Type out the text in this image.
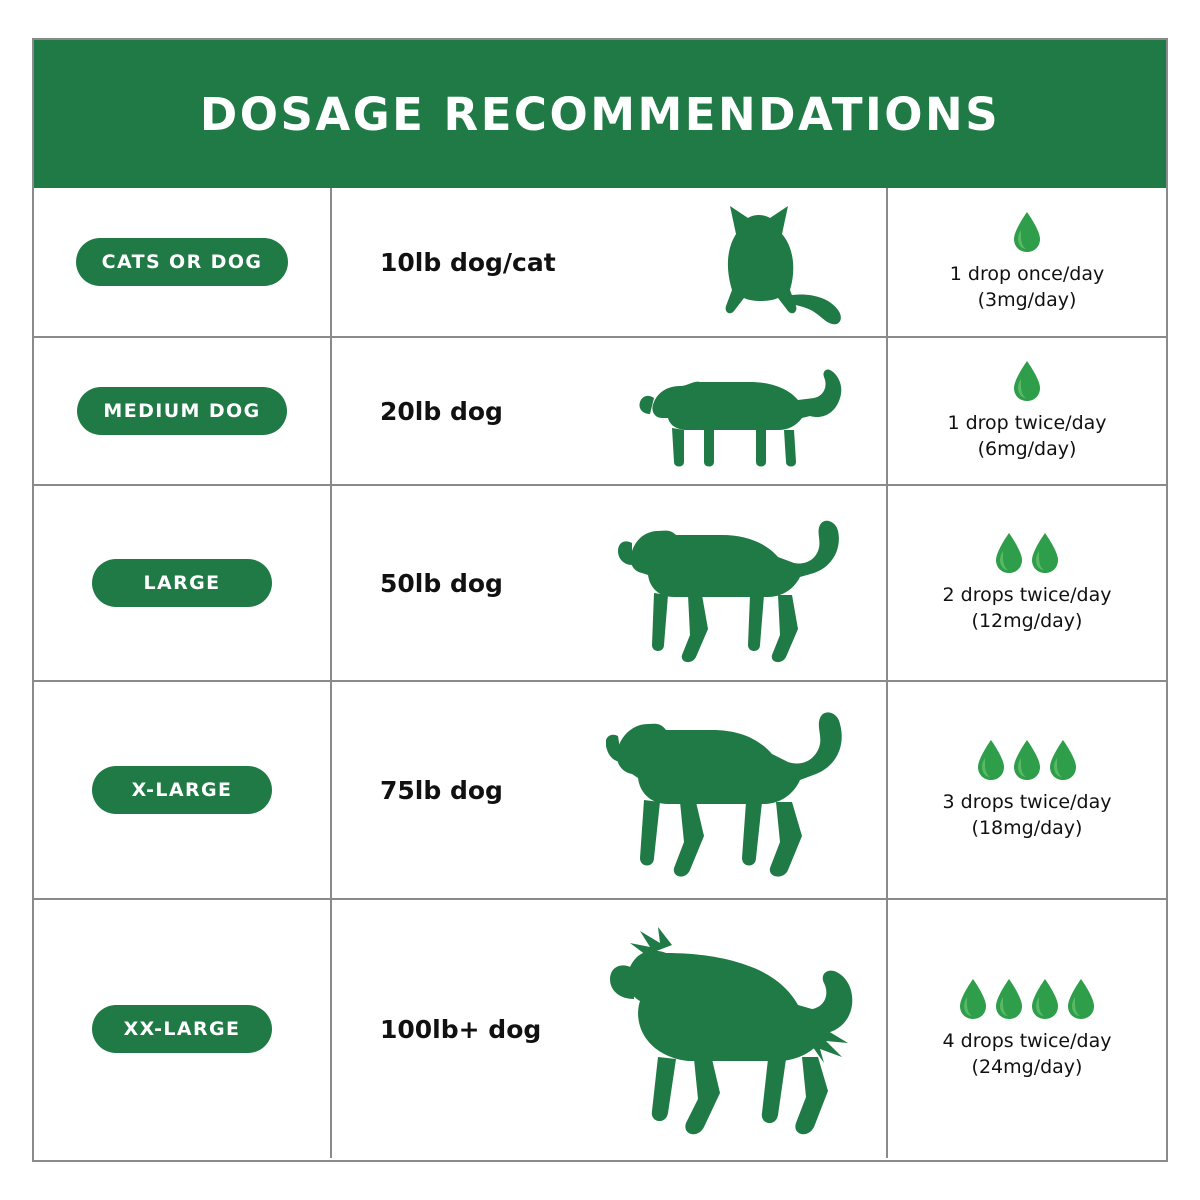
DOSAGE RECOMMENDATIONS
CATS OR DOG	10lb dog/cat	1 drop once/day
(3mg/day)
MEDIUM DOG	20lb dog	1 drop twice/day
(6mg/day)
LARGE	50lb dog	2 drops twice/day
(12mg/day)
X-LARGE	75lb dog	3 drops twice/day
(18mg/day)
XX-LARGE	100lb+ dog	4 drops twice/day
(24mg/day)
